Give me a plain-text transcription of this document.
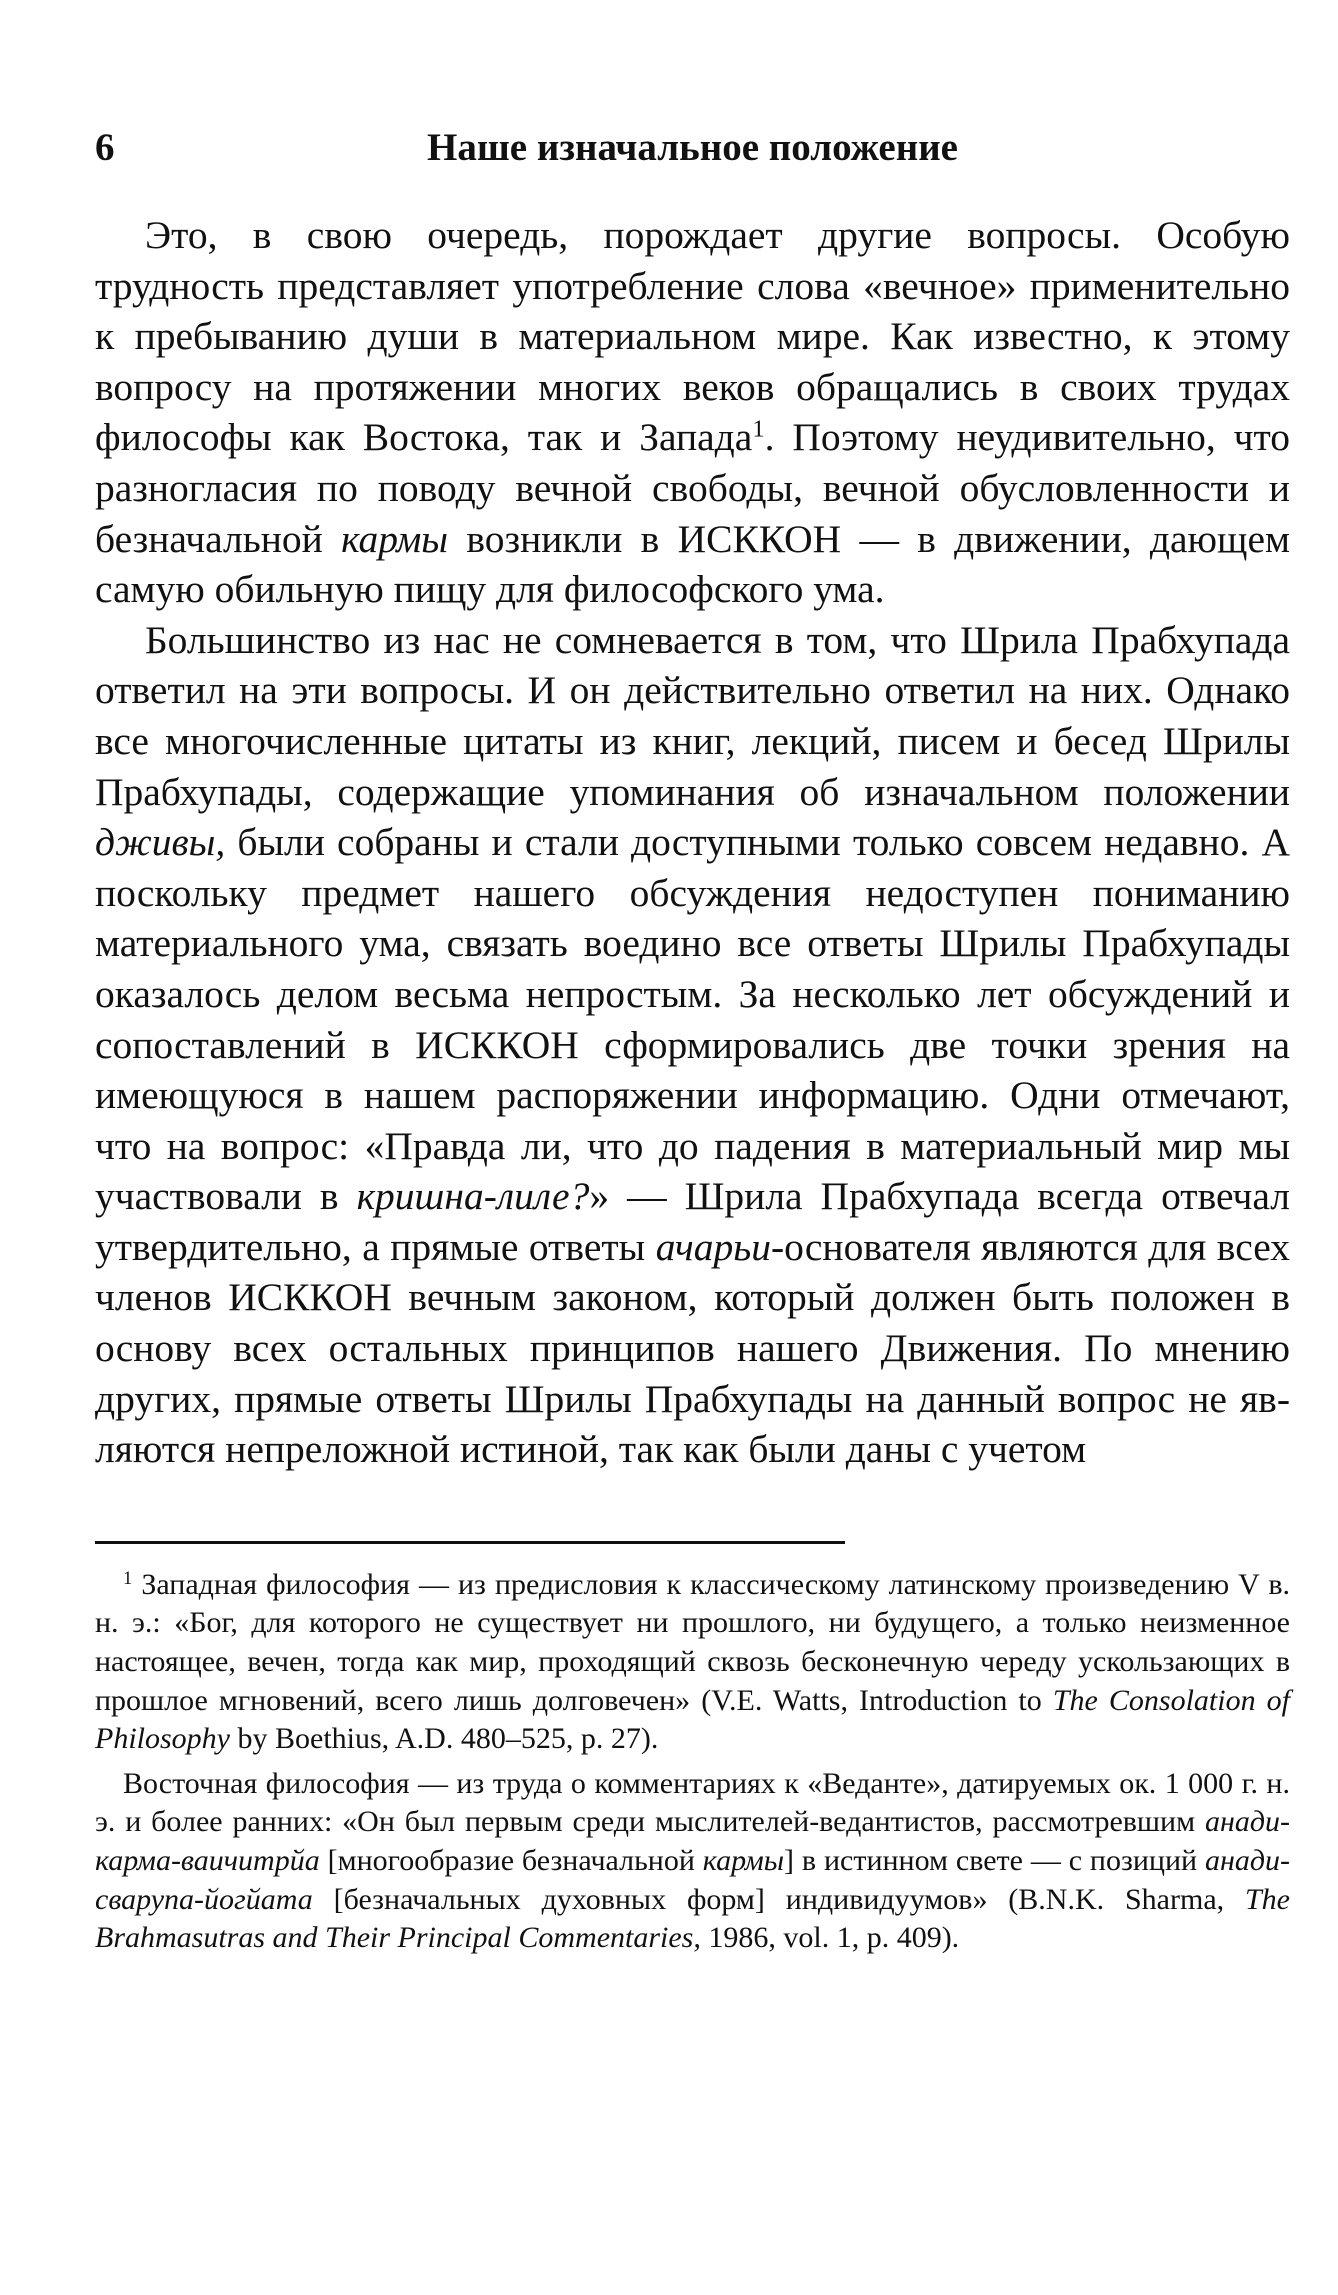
6	Наше изначальное положение

Это, в свою очередь, порождает другие вопросы. Особую трудность представляет употребление слова «вечное» применительно к пребыванию души в материальном мире. Как известно, к этому вопросу на протяжении многих веков обращались в своих трудах философы как Востока, так и Запада$^1$. Поэтому неудивительно, что разногласия по поводу вечной свободы, вечной обусловленности и безначальной кармы возникли в ИСККОН — в движении, дающем самую обильную пищу для философского ума.

Большинство из нас не сомневается в том, что Шрила Прабхупада ответил на эти вопросы. И он действительно ответил на них. Однако все многочисленные цитаты из книг, лекций, писем и бесед Шрилы Прабхупады, содержащие упоминания об изначальном положении дживы, были собраны и стали доступными только совсем недавно. А поскольку предмет нашего обсуждения недоступен пониманию материального ума, связать воедино все ответы Шрилы Прабхупады оказалось делом весьма непростым. За несколько лет обсуждений и сопоставлений в ИСККОН сформировались две точки зрения на имеющуюся в нашем распоряжении информацию. Одни отмечают, что на вопрос: «Правда ли, что до падения в материальный мир мы участвовали в кришна-лиле?» — Шрила Прабхупада всегда отвечал утвердительно, а прямые ответы ачарьи-основателя являются для всех членов ИСККОН вечным законом, который должен быть положен в основу всех остальных принципов нашего Движения. По мнению других, прямые ответы Шрилы Прабхупады на данный вопрос не являются непреложной истиной, так как были даны с учетом

$^1$ Западная философия — из предисловия к классическому латинскому произведению V в. н. э.: «Бог, для которого не существует ни прошлого, ни будущего, а только неизменное настоящее, вечен, тогда как мир, проходящий сквозь бесконечную череду ускользающих в прошлое мгновений, всего лишь долговечен» (V.E. Watts, Introduction to The Consolation of Philosophy by Boethius, A.D. 480–525, p. 27).

Восточная философия — из труда о комментариях к «Веданте», датируемых ок. 1 000 г. н. э. и более ранних: «Он был первым среди мыслителей-ведантистов, рассмотревшим анади-карма-ваичитрйа [многообразие безначальной кармы] в истинном свете — с позиций анади-сварупа-йогйата [безначальных духовных форм] индивидуумов» (B.N.K. Sharma, The Brahmasutras and Their Principal Commentaries, 1986, vol. 1, p. 409).
